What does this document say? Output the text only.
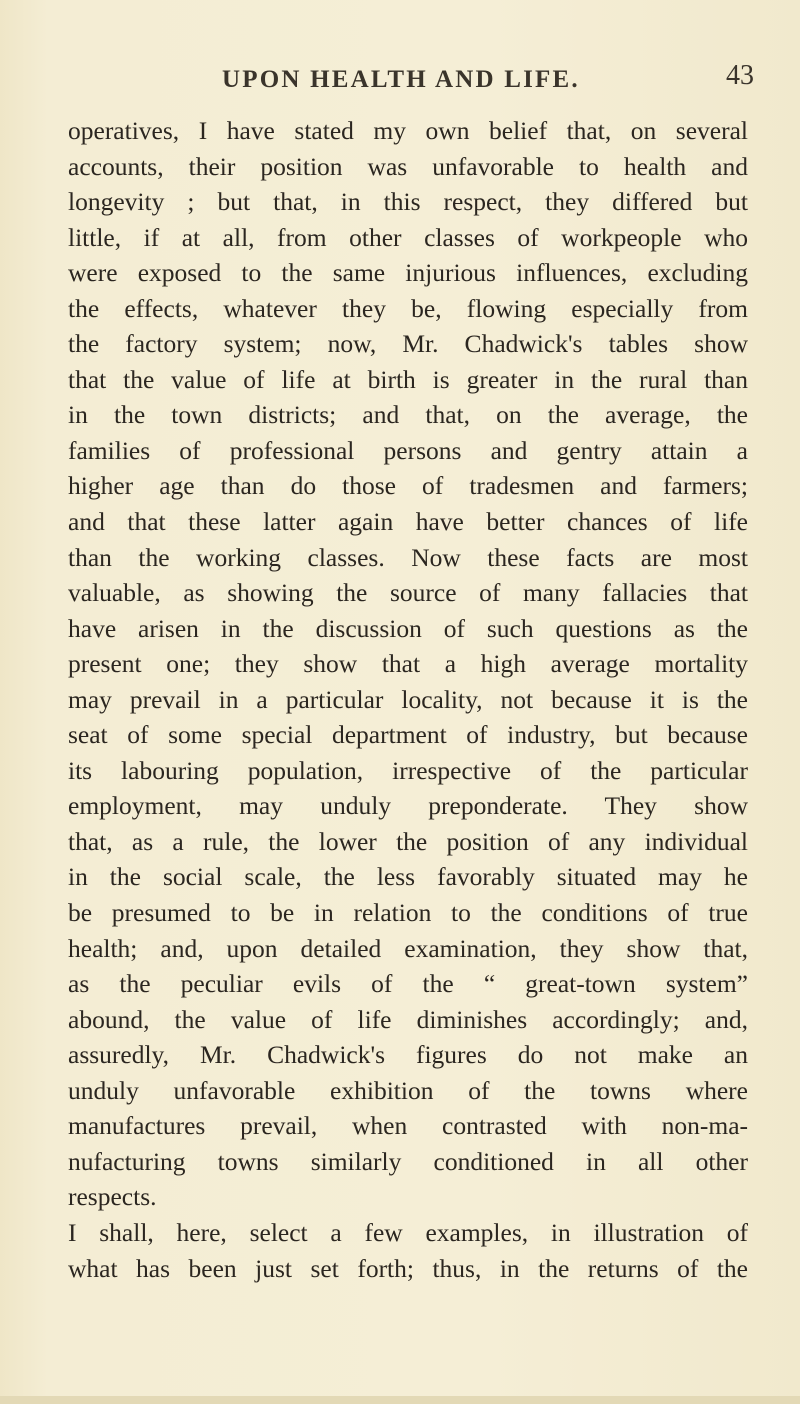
UPON HEALTH AND LIFE.	43
operatives, I have stated my own belief that, on several
accounts, their position was unfavorable to health and
longevity ; but that, in this respect, they differed but
little, if at all, from other classes of workpeople who
were exposed to the same injurious influences, excluding
the effects, whatever they be, flowing especially from
the factory system; now, Mr. Chadwick's tables show
that the value of life at birth is greater in the rural than
in the town districts; and that, on the average, the
families of professional persons and gentry attain a
higher age than do those of tradesmen and farmers;
and that these latter again have better chances of life
than the working classes. Now these facts are most
valuable, as showing the source of many fallacies that
have arisen in the discussion of such questions as the
present one; they show that a high average mortality
may prevail in a particular locality, not because it is the
seat of some special department of industry, but because
its labouring population, irrespective of the particular
employment, may unduly preponderate. They show
that, as a rule, the lower the position of any individual
in the social scale, the less favorably situated may he
be presumed to be in relation to the conditions of true
health; and, upon detailed examination, they show that,
as the peculiar evils of the “ great-town system”
abound, the value of life diminishes accordingly; and,
assuredly, Mr. Chadwick's figures do not make an
unduly unfavorable exhibition of the towns where
manufactures prevail, when contrasted with non-ma-
nufacturing towns similarly conditioned in all other
respects.
I shall, here, select a few examples, in illustration of
what has been just set forth; thus, in the returns of the
